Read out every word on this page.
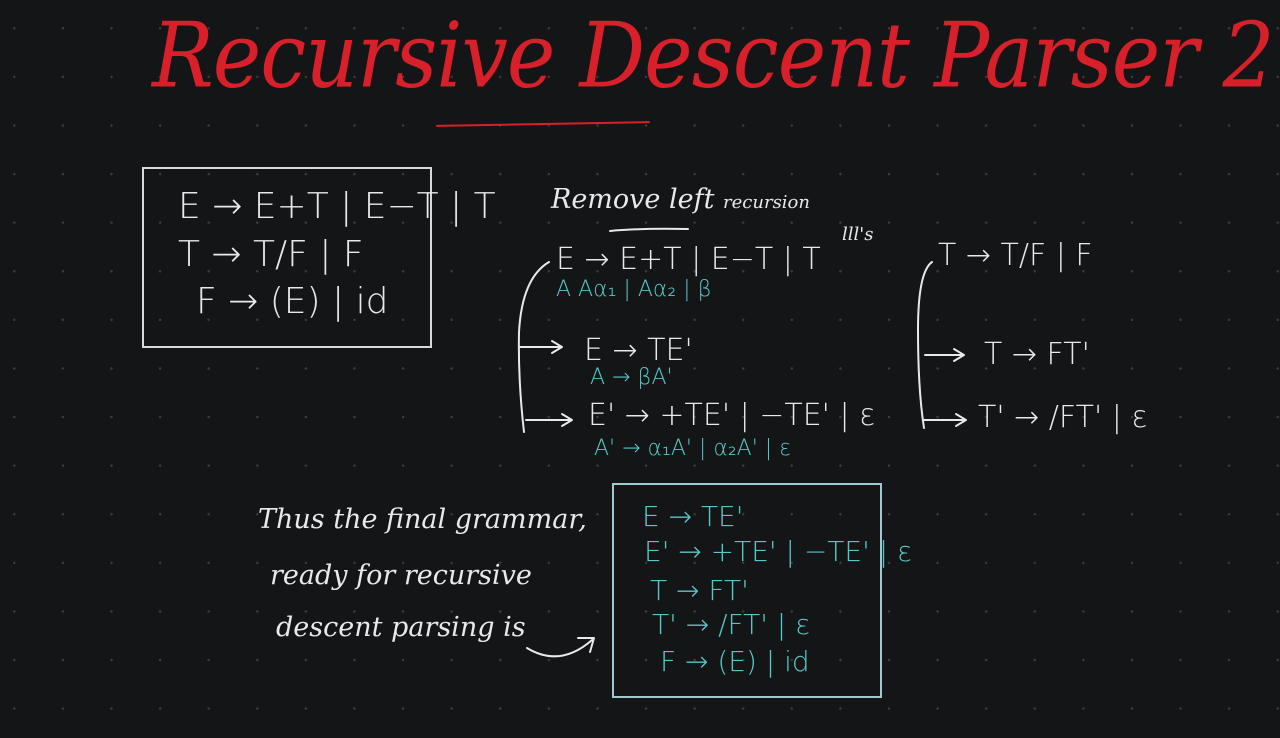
Recursive Descent Parser 2
E → E+T | E−T | T
T → T/F | F
F → (E) | id
Remove left recursion
E → E+T | E−T | T
A Aα₁ | Aα₂ | β
E → TE'
A → βA'
E' → +TE' | −TE' | ε
A' → α₁A' | α₂A' | ε
lll's
T → T/F | F
T → FT'
T' → /FT' | ε
Thus the final grammar,
ready for recursive
descent parsing is
E → TE'
E' → +TE' | −TE' | ε
T → FT'
T' → /FT' | ε
F → (E) | id
